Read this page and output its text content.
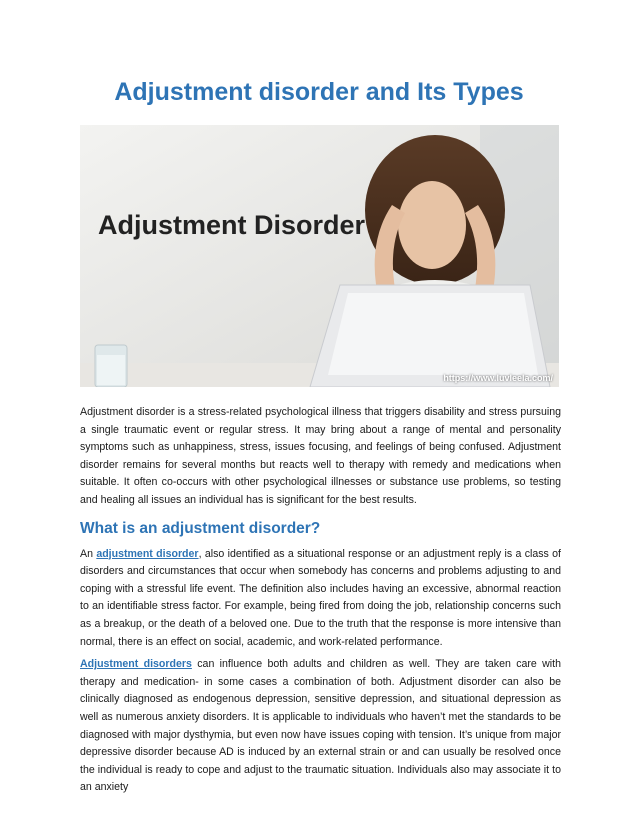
Adjustment disorder and Its Types
Adjustment Disorder
https://www.luvleela.com/

Adjustment disorder is a stress-related psychological illness that triggers disability and stress pursuing a single traumatic event or regular stress. It may bring about a range of mental and personality symptoms such as unhappiness, stress, issues focusing, and feelings of being confused. Adjustment disorder remains for several months but reacts well to therapy with remedy and medications when suitable. It often co-occurs with other psychological illnesses or substance use problems, so testing and healing all issues an individual has is significant for the best results.

What is an adjustment disorder?

An adjustment disorder, also identified as a situational response or an adjustment reply is a class of disorders and circumstances that occur when somebody has concerns and problems adjusting to and coping with a stressful life event. The definition also includes having an excessive, abnormal reaction to an identifiable stress factor. For example, being fired from doing the job, relationship concerns such as a breakup, or the death of a beloved one. Due to the truth that the response is more intensive than normal, there is an effect on social, academic, and work-related performance.

Adjustment disorders can influence both adults and children as well. They are taken care with therapy and medication- in some cases a combination of both. Adjustment disorder can also be clinically diagnosed as endogenous depression, sensitive depression, and situational depression as well as numerous anxiety disorders. It is applicable to individuals who haven’t met the standards to be diagnosed with major dysthymia, but even now have issues coping with tension. It’s unique from major depressive disorder because AD is induced by an external strain or and can usually be resolved once the individual is ready to cope and adjust to the traumatic situation. Individuals also may associate it to an anxiety
